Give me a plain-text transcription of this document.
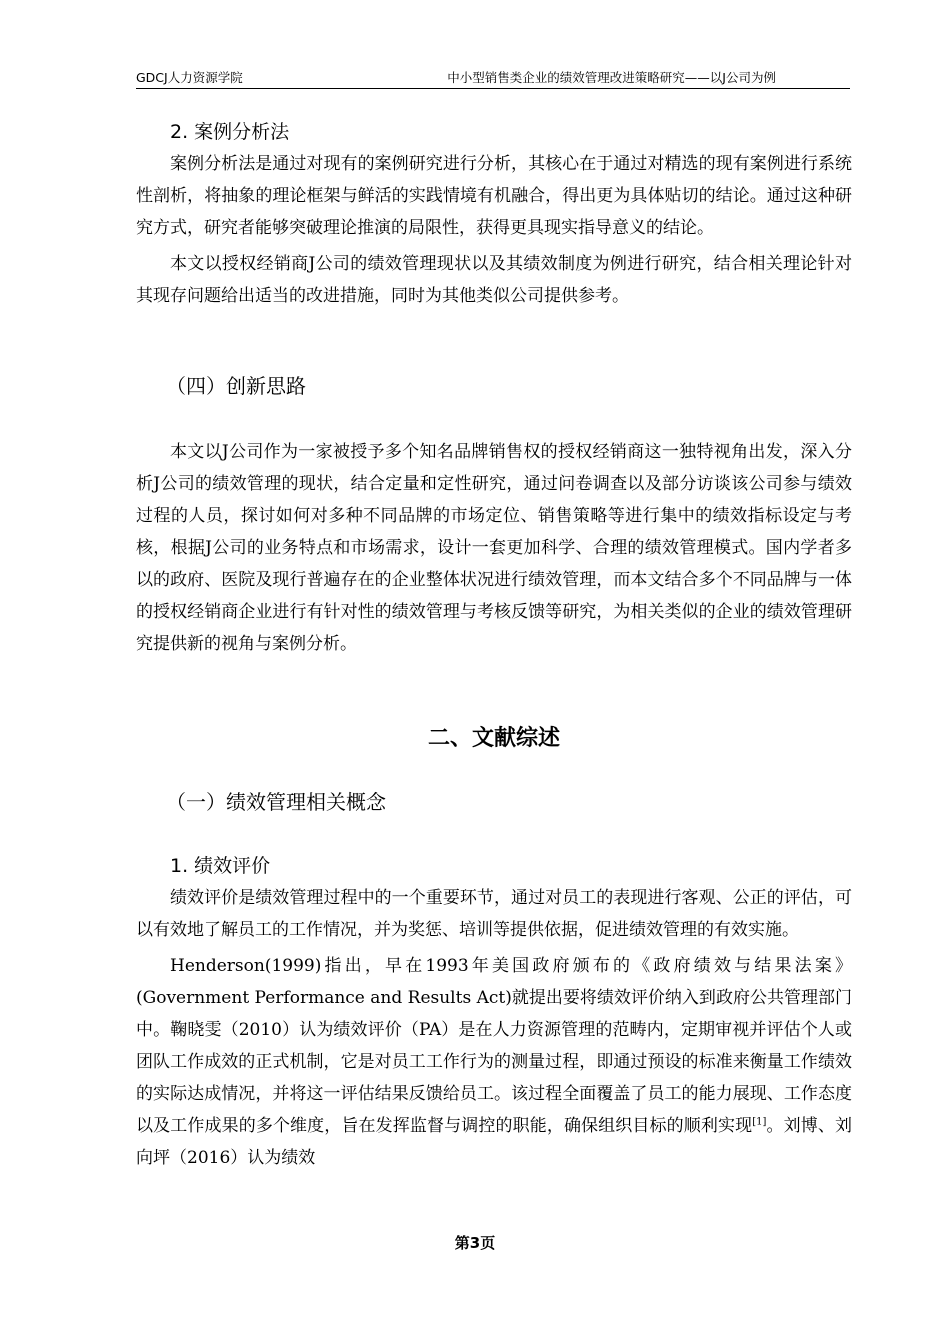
GDCJ人力资源学院	中小型销售类企业的绩效管理改进策略研究——以J公司为例
2. 案例分析法

案例分析法是通过对现有的案例研究进行分析，其核心在于通过对精选的现有案例进行系统性剖析，将抽象的理论框架与鲜活的实践情境有机融合，得出更为具体贴切的结论。通过这种研究方式，研究者能够突破理论推演的局限性，获得更具现实指导意义的结论。

本文以授权经销商J公司的绩效管理现状以及其绩效制度为例进行研究，结合相关理论针对其现存问题给出适当的改进措施，同时为其他类似公司提供参考。

（四）创新思路

本文以J公司作为一家被授予多个知名品牌销售权的授权经销商这一独特视角出发，深入分析J公司的绩效管理的现状，结合定量和定性研究，通过问卷调查以及部分访谈该公司参与绩效过程的人员，探讨如何对多种不同品牌的市场定位、销售策略等进行集中的绩效指标设定与考核，根据J公司的业务特点和市场需求，设计一套更加科学、合理的绩效管理模式。国内学者多以的政府、医院及现行普遍存在的企业整体状况进行绩效管理，而本文结合多个不同品牌与一体的授权经销商企业进行有针对性的绩效管理与考核反馈等研究，为相关类似的企业的绩效管理研究提供新的视角与案例分析。

二、文献综述
（一）绩效管理相关概念
1. 绩效评价

绩效评价是绩效管理过程中的一个重要环节，通过对员工的表现进行客观、公正的评估，可以有效地了解员工的工作情况，并为奖惩、培训等提供依据，促进绩效管理的有效实施。

Henderson(1999)指出，早在1993年美国政府颁布的《政府绩效与结果法案》(Government Performance and Results Act)就提出要将绩效评价纳入到政府公共管理部门中。鞠晓雯（2010）认为绩效评价（PA）是在人力资源管理的范畴内，定期审视并评估个人或团队工作成效的正式机制，它是对员工工作行为的测量过程，即通过预设的标准来衡量工作绩效的实际达成情况，并将这一评估结果反馈给员工。该过程全面覆盖了员工的能力展现、工作态度以及工作成果的多个维度，旨在发挥监督与调控的职能，确保组织目标的顺利实现[1]。刘博、刘向坪（2016）认为绩效

第3页
